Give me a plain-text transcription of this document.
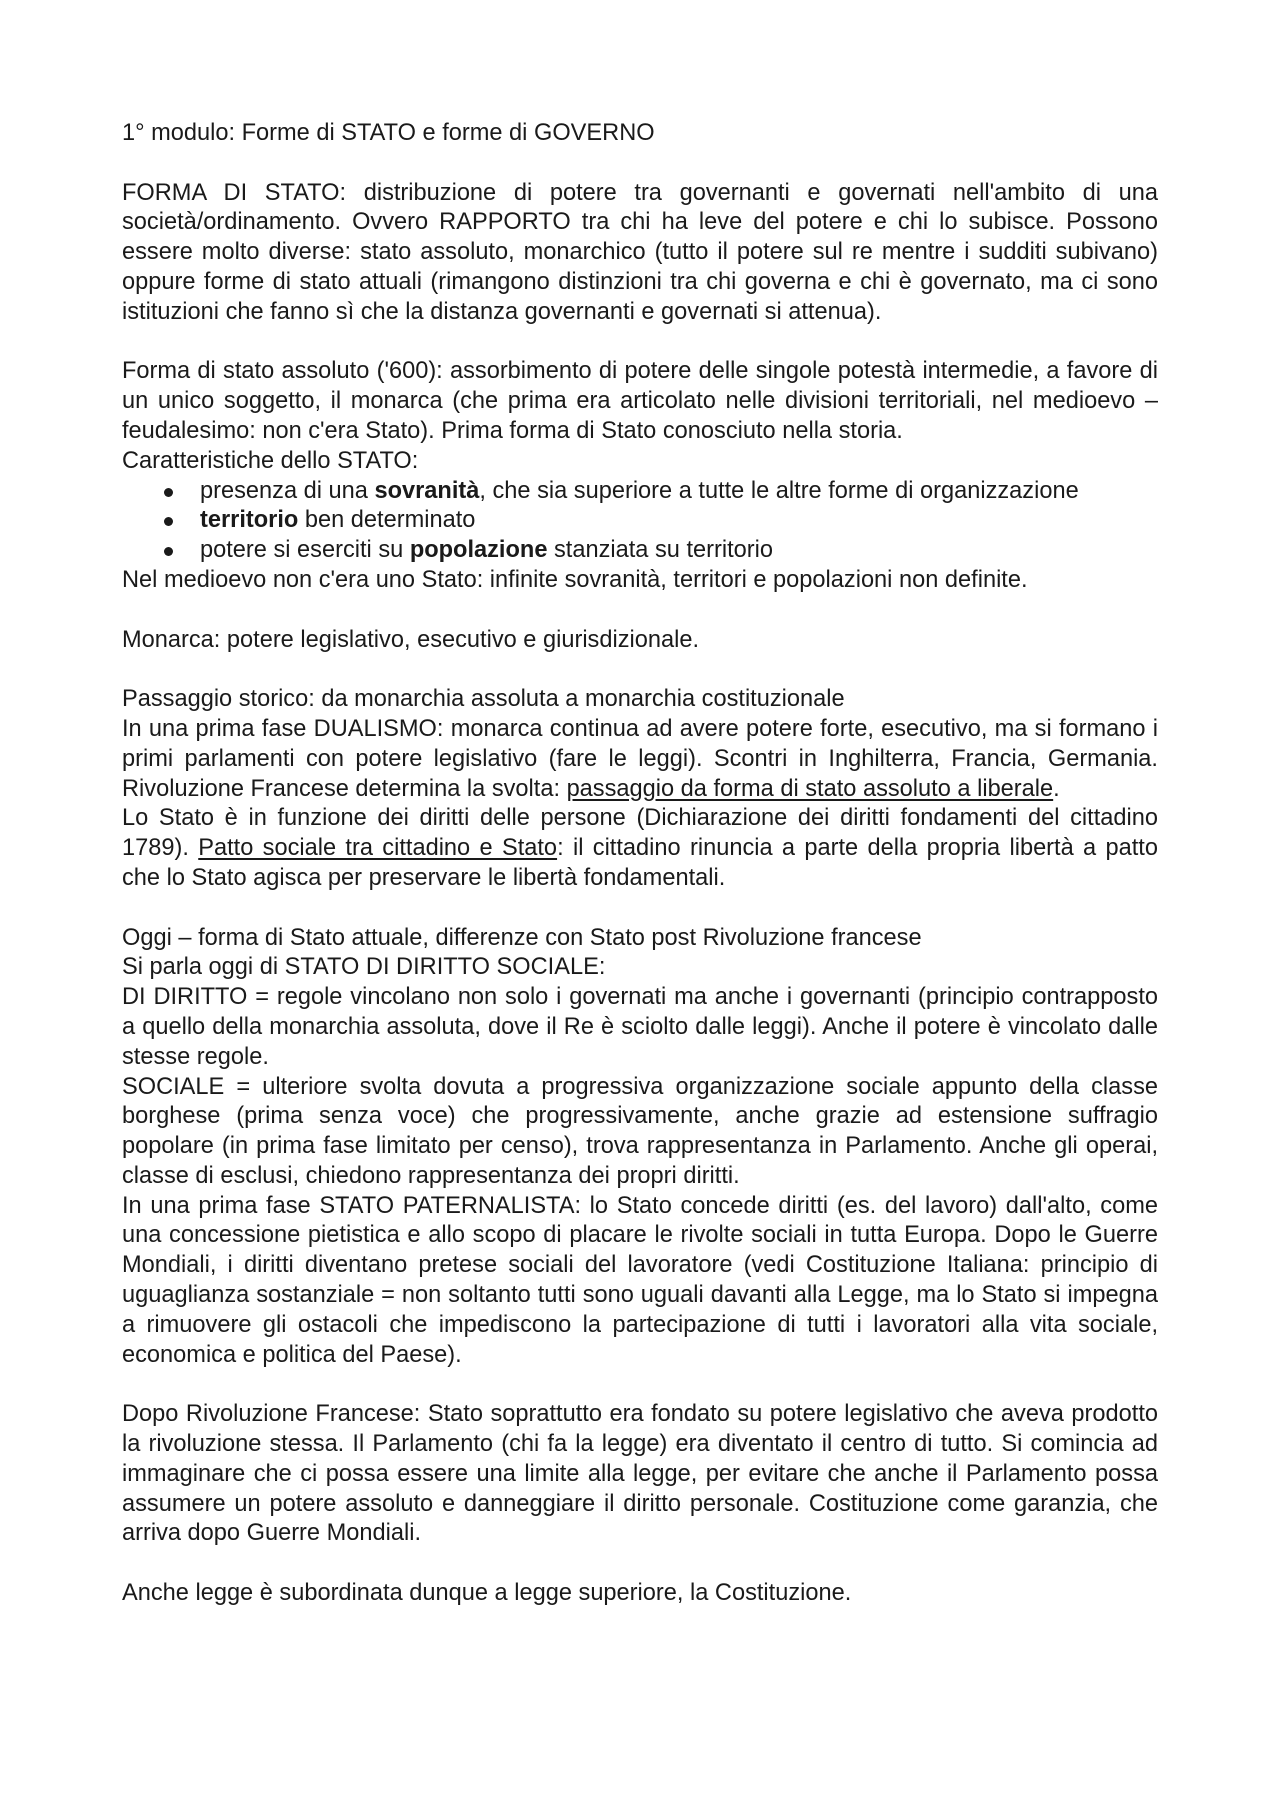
1° modulo: Forme di STATO e forme di GOVERNO

FORMA DI STATO: distribuzione di potere tra governanti e governati nell'ambito di una società/ordinamento. Ovvero RAPPORTO tra chi ha leve del potere e chi lo subisce. Possono essere molto diverse: stato assoluto, monarchico (tutto il potere sul re mentre i sudditi subivano) oppure forme di stato attuali (rimangono distinzioni tra chi governa e chi è governato, ma ci sono istituzioni che fanno sì che la distanza governanti e governati si attenua).

Forma di stato assoluto ('600): assorbimento di potere delle singole potestà intermedie, a favore di un unico soggetto, il monarca (che prima era articolato nelle divisioni territoriali, nel medioevo – feudalesimo: non c'era Stato). Prima forma di Stato conosciuto nella storia.

Caratteristiche dello STATO:

presenza di una sovranità, che sia superiore a tutte le altre forme di organizzazione
territorio ben determinato
potere si eserciti su popolazione stanziata su territorio

Nel medioevo non c'era uno Stato: infinite sovranità, territori e popolazioni non definite.

Monarca: potere legislativo, esecutivo e giurisdizionale.

Passaggio storico: da monarchia assoluta a monarchia costituzionale

In una prima fase DUALISMO: monarca continua ad avere potere forte, esecutivo, ma si formano i primi parlamenti con potere legislativo (fare le leggi). Scontri in Inghilterra, Francia, Germania. Rivoluzione Francese determina la svolta: passaggio da forma di stato assoluto a liberale.

Lo Stato è in funzione dei diritti delle persone (Dichiarazione dei diritti fondamenti del cittadino 1789). Patto sociale tra cittadino e Stato: il cittadino rinuncia a parte della propria libertà a patto che lo Stato agisca per preservare le libertà fondamentali.

Oggi – forma di Stato attuale, differenze con Stato post Rivoluzione francese

Si parla oggi di STATO DI DIRITTO SOCIALE:

DI DIRITTO = regole vincolano non solo i governati ma anche i governanti (principio contrapposto a quello della monarchia assoluta, dove il Re è sciolto dalle leggi). Anche il potere è vincolato dalle stesse regole.

SOCIALE = ulteriore svolta dovuta a progressiva organizzazione sociale appunto della classe borghese (prima senza voce) che progressivamente, anche grazie ad estensione suffragio popolare (in prima fase limitato per censo), trova rappresentanza in Parlamento. Anche gli operai, classe di esclusi, chiedono rappresentanza dei propri diritti.

In una prima fase STATO PATERNALISTA: lo Stato concede diritti (es. del lavoro) dall'alto, come una concessione pietistica e allo scopo di placare le rivolte sociali in tutta Europa. Dopo le Guerre Mondiali, i diritti diventano pretese sociali del lavoratore (vedi Costituzione Italiana: principio di uguaglianza sostanziale = non soltanto tutti sono uguali davanti alla Legge, ma lo Stato si impegna a rimuovere gli ostacoli che impediscono la partecipazione di tutti i lavoratori alla vita sociale, economica e politica del Paese).

Dopo Rivoluzione Francese: Stato soprattutto era fondato su potere legislativo che aveva prodotto la rivoluzione stessa. Il Parlamento (chi fa la legge) era diventato il centro di tutto. Si comincia ad immaginare che ci possa essere una limite alla legge, per evitare che anche il Parlamento possa assumere un potere assoluto e danneggiare il diritto personale. Costituzione come garanzia, che arriva dopo Guerre Mondiali.

Anche legge è subordinata dunque a legge superiore, la Costituzione.
